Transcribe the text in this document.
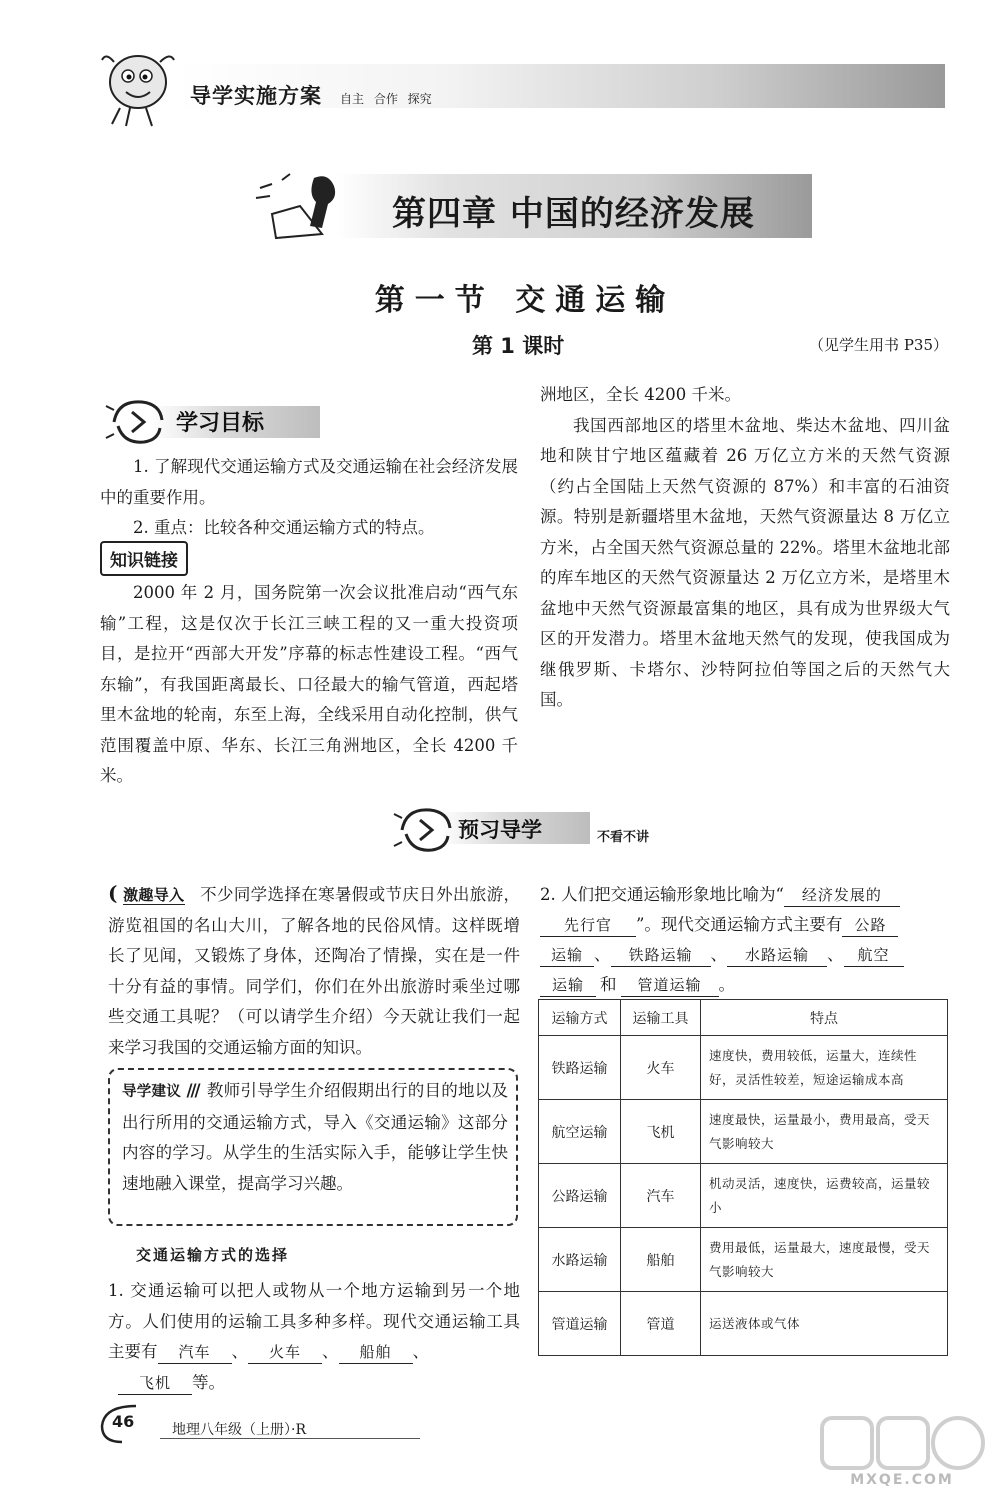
导学实施方案 自主 合作 探究
第四章 中国的经济发展
第一节 交通运输
第 1 课时	（见学生用书 P35）
学习目标

1. 了解现代交通运输方式及交通运输在社会经济发展中的重要作用。

2. 重点：比较各种交通运输方式的特点。

知识链接

2000 年 2 月，国务院第一次会议批准启动“西气东输”工程，这是仅次于长江三峡工程的又一重大投资项目，是拉开“西部大开发”序幕的标志性建设工程。“西气东输”，有我国距离最长、口径最大的输气管道，西起塔里木盆地的轮南，东至上海，全线采用自动化控制，供气范围覆盖中原、华东、长江三角洲地区，全长 4200 千米。

洲地区，全长 4200 千米。

我国西部地区的塔里木盆地、柴达木盆地、四川盆地和陕甘宁地区蕴藏着 26 万亿立方米的天然气资源（约占全国陆上天然气资源的 87%）和丰富的石油资源。特别是新疆塔里木盆地，天然气资源量达 8 万亿立方米，占全国天然气资源总量的 22%。塔里木盆地北部的库车地区的天然气资源量达 2 万亿立方米，是塔里木盆地中天然气资源最富集的地区，具有成为世界级大气区的开发潜力。塔里木盆地天然气的发现，使我国成为继俄罗斯、卡塔尔、沙特阿拉伯等国之后的天然气大国。

预习导学	不看不讲

( 激趣导入 不少同学选择在寒暑假或节庆日外出旅游，游览祖国的名山大川，了解各地的民俗风情。这样既增长了见闻，又锻炼了身体，还陶冶了情操，实在是一件十分有益的事情。同学们，你们在外出旅游时乘坐过哪些交通工具呢？（可以请学生介绍）今天就让我们一起来学习我国的交通运输方面的知识。

导学建议 /// 教师引导学生介绍假期出行的目的地以及出行所用的交通运输方式，导入《交通运输》这部分内容的学习。从学生的生活实际入手，能够让学生快速地融入课堂，提高学习兴趣。

交通运输方式的选择

1. 交通运输可以把人或物从一个地方运输到另一个地方。人们使用的运输工具多种多样。现代交通运输工具主要有 汽车 、 火车 、 船舶 、
飞机 等。

2. 人们把交通运输形象地比喻为“ 经济发展的
先行官 ”。现代交通运输方式主要有 公路
运输 、 铁路运输 、 水路运输 、 航空
运输 和 管道运输 。

运输方式	运输工具	特点
铁路运输	火车	速度快，费用较低，运量大，连续性好，灵活性较差，短途运输成本高
航空运输	飞机	速度最快，运量最小，费用最高，受天气影响较大
公路运输	汽车	机动灵活，速度快，运费较高，运量较小
水路运输	船舶	费用最低，运量最大，速度最慢，受天气影响较大
管道运输	管道	运送液体或气体
46	地理八年级（上册）·R
MXQE.COM
